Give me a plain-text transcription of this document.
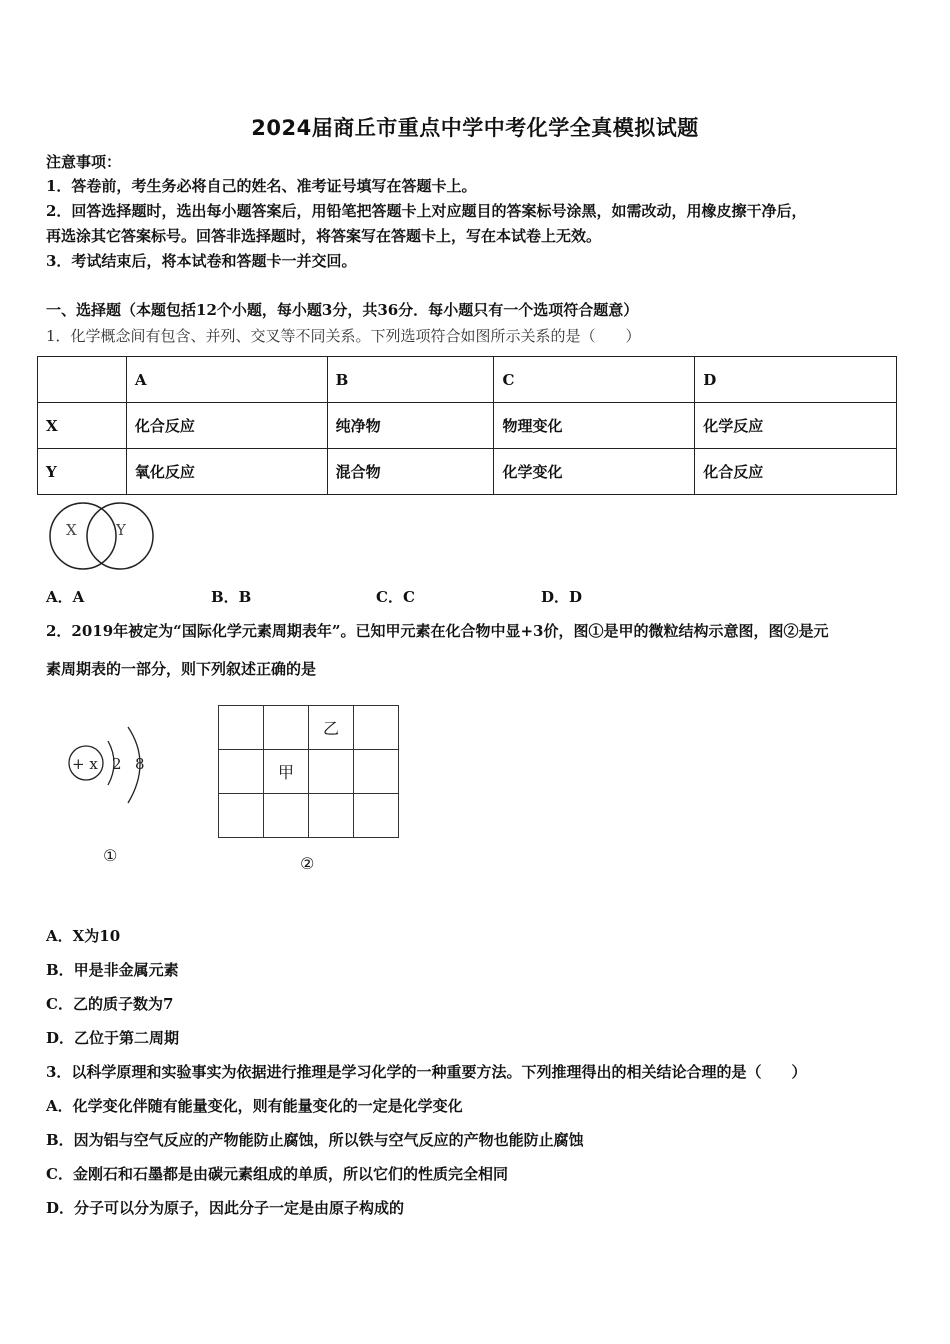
2024届商丘市重点中学中考化学全真模拟试题
注意事项：
1．答卷前，考生务必将自己的姓名、准考证号填写在答题卡上。
2．回答选择题时，选出每小题答案后，用铅笔把答题卡上对应题目的答案标号涂黑，如需改动，用橡皮擦干净后，
再选涂其它答案标号。回答非选择题时，将答案写在答题卡上，写在本试卷上无效。
3．考试结束后，将本试卷和答题卡一并交回。
一、选择题（本题包括12个小题，每小题3分，共36分．每小题只有一个选项符合题意）
1．化学概念间有包含、并列、交叉等不同关系。下列选项符合如图所示关系的是（　　）
	A	B	C	D
X	化合反应	纯净物	物理变化	化学反应
Y	氧化反应	混合物	化学变化	化合反应
X	Y
A．A	B．B	C．C	D．D
2．2019年被定为“国际化学元素周期表年”。已知甲元素在化合物中显+3价，图①是甲的微粒结构示意图，图②是元
素周期表的一部分，则下列叙述正确的是
+ x 2 8
①
		乙	
	甲		

②
A．X为10
B．甲是非金属元素
C．乙的质子数为7
D．乙位于第二周期
3．以科学原理和实验事实为依据进行推理是学习化学的一种重要方法。下列推理得出的相关结论合理的是（　　）
A．化学变化伴随有能量变化，则有能量变化的一定是化学变化
B．因为铝与空气反应的产物能防止腐蚀，所以铁与空气反应的产物也能防止腐蚀
C．金刚石和石墨都是由碳元素组成的单质，所以它们的性质完全相同
D．分子可以分为原子，因此分子一定是由原子构成的
